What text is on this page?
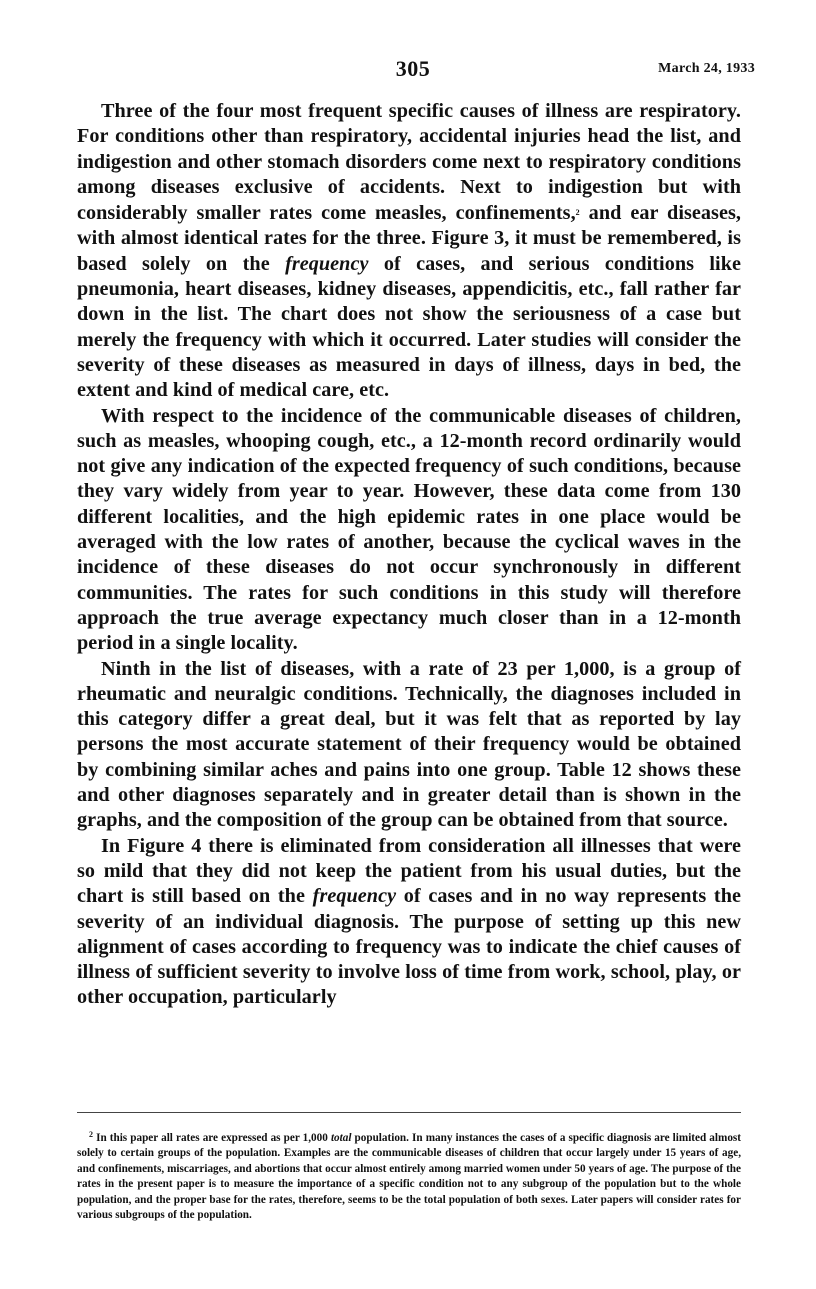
305	March 24, 1933

Three of the four most frequent specific causes of illness are respiratory. For conditions other than respiratory, accidental injuries head the list, and indigestion and other stomach disorders come next to respiratory conditions among diseases exclusive of accidents. Next to indigestion but with considerably smaller rates come measles, confinements,$^2$ and ear diseases, with almost identical rates for the three. Figure 3, it must be remembered, is based solely on the frequency of cases, and serious conditions like pneumonia, heart diseases, kidney diseases, appendicitis, etc., fall rather far down in the list. The chart does not show the seriousness of a case but merely the frequency with which it occurred. Later studies will consider the severity of these diseases as measured in days of illness, days in bed, the extent and kind of medical care, etc.

With respect to the incidence of the communicable diseases of children, such as measles, whooping cough, etc., a 12-month record ordinarily would not give any indication of the expected frequency of such conditions, because they vary widely from year to year. However, these data come from 130 different localities, and the high epidemic rates in one place would be averaged with the low rates of another, because the cyclical waves in the incidence of these diseases do not occur synchronously in different communities. The rates for such conditions in this study will therefore approach the true average expectancy much closer than in a 12-month period in a single locality.

Ninth in the list of diseases, with a rate of 23 per 1,000, is a group of rheumatic and neuralgic conditions. Technically, the diagnoses included in this category differ a great deal, but it was felt that as reported by lay persons the most accurate statement of their frequency would be obtained by combining similar aches and pains into one group. Table 12 shows these and other diagnoses separately and in greater detail than is shown in the graphs, and the composition of the group can be obtained from that source.

In Figure 4 there is eliminated from consideration all illnesses that were so mild that they did not keep the patient from his usual duties, but the chart is still based on the frequency of cases and in no way represents the severity of an individual diagnosis. The purpose of setting up this new alignment of cases according to frequency was to indicate the chief causes of illness of sufficient severity to involve loss of time from work, school, play, or other occupation, particularly

$^2$ In this paper all rates are expressed as per 1,000 total population. In many instances the cases of a specific diagnosis are limited almost solely to certain groups of the population. Examples are the communicable diseases of children that occur largely under 15 years of age, and confinements, miscarriages, and abortions that occur almost entirely among married women under 50 years of age. The purpose of the rates in the present paper is to measure the importance of a specific condition not to any subgroup of the population but to the whole population, and the proper base for the rates, therefore, seems to be the total population of both sexes. Later papers will consider rates for various subgroups of the population.
